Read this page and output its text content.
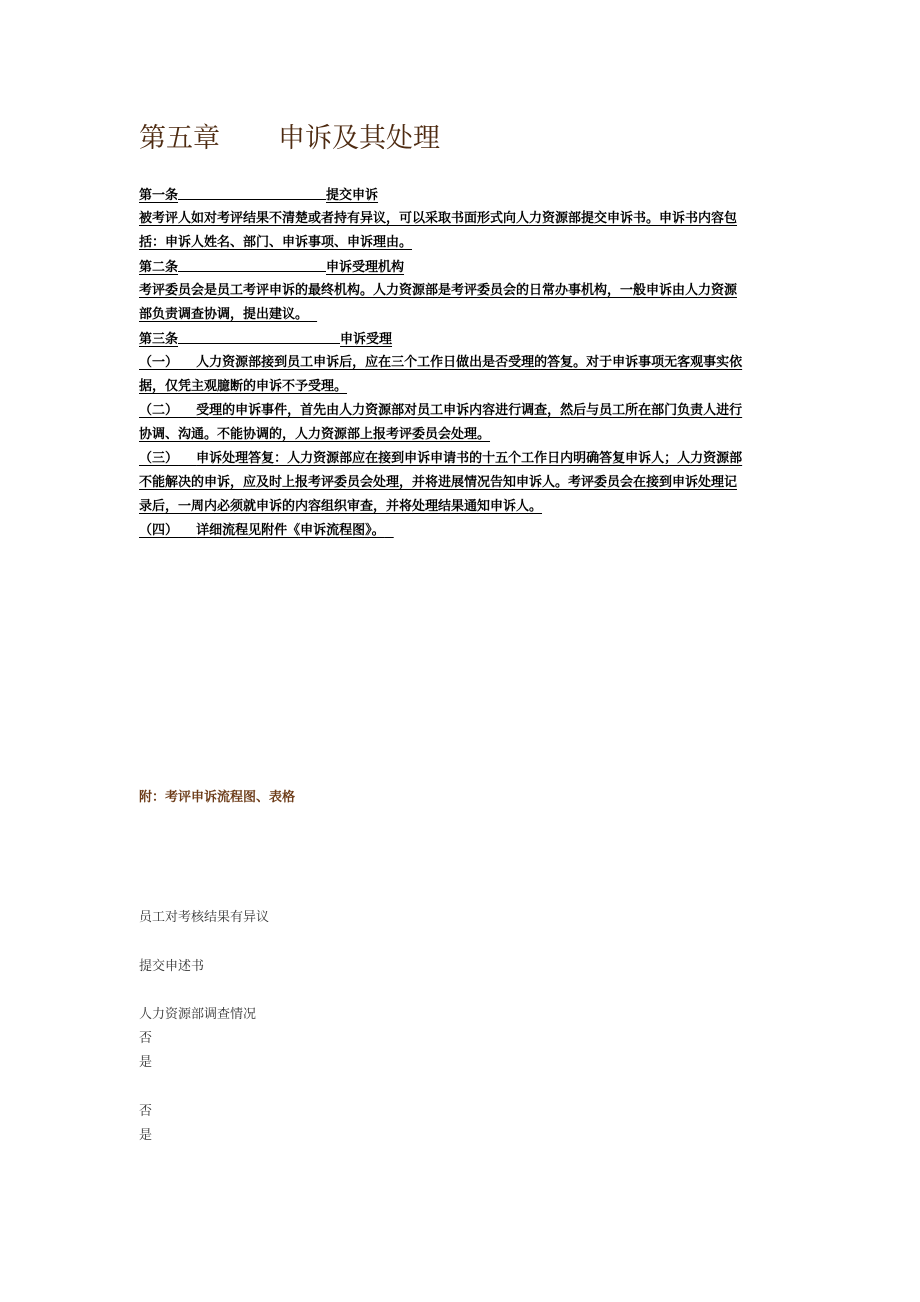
第五章 申诉及其处理
第一条	提交申诉
被考评人如对考评结果不清楚或者持有异议，可以采取书面形式向人力资源部提交申诉书。申诉书内容包
括：申诉人姓名、部门、申诉事项、申诉理由。
第二条	申诉受理机构
考评委员会是员工考评申诉的最终机构。人力资源部是考评委员会的日常办事机构，一般申诉由人力资源
部负责调查协调，提出建议。
第三条	申诉受理
（一） 人力资源部接到员工申诉后，应在三个工作日做出是否受理的答复。对于申诉事项无客观事实依
据，仅凭主观臆断的申诉不予受理。
（二） 受理的申诉事件，首先由人力资源部对员工申诉内容进行调查，然后与员工所在部门负责人进行
协调、沟通。不能协调的，人力资源部上报考评委员会处理。
（三） 申诉处理答复：人力资源部应在接到申诉申请书的十五个工作日内明确答复申诉人；人力资源部
不能解决的申诉，应及时上报考评委员会处理，并将进展情况告知申诉人。考评委员会在接到申诉处理记
录后，一周内必须就申诉的内容组织审查，并将处理结果通知申诉人。
（四） 详细流程见附件《申诉流程图》。
附：考评申诉流程图、表格
员工对考核结果有异议
提交申述书
人力资源部调查情况
否
是
否
是
